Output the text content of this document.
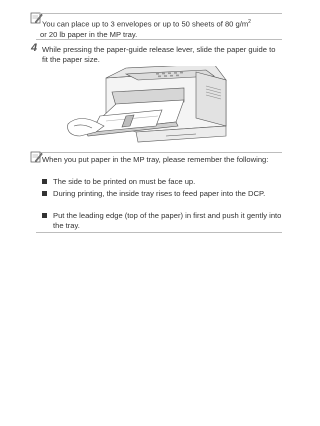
You can place up to 3 envelopes or up to 50 sheets of 80 $g/m^2$
or 20 lb paper in the MP tray.
4 While pressing the paper-guide release lever, slide the paper guide to fit the paper size.
When you put paper in the MP tray, please remember the following:
The side to be printed on must be face up.
During printing, the inside tray rises to feed paper into the DCP.
Put the leading edge (top of the paper) in first and push it gently into the tray.
